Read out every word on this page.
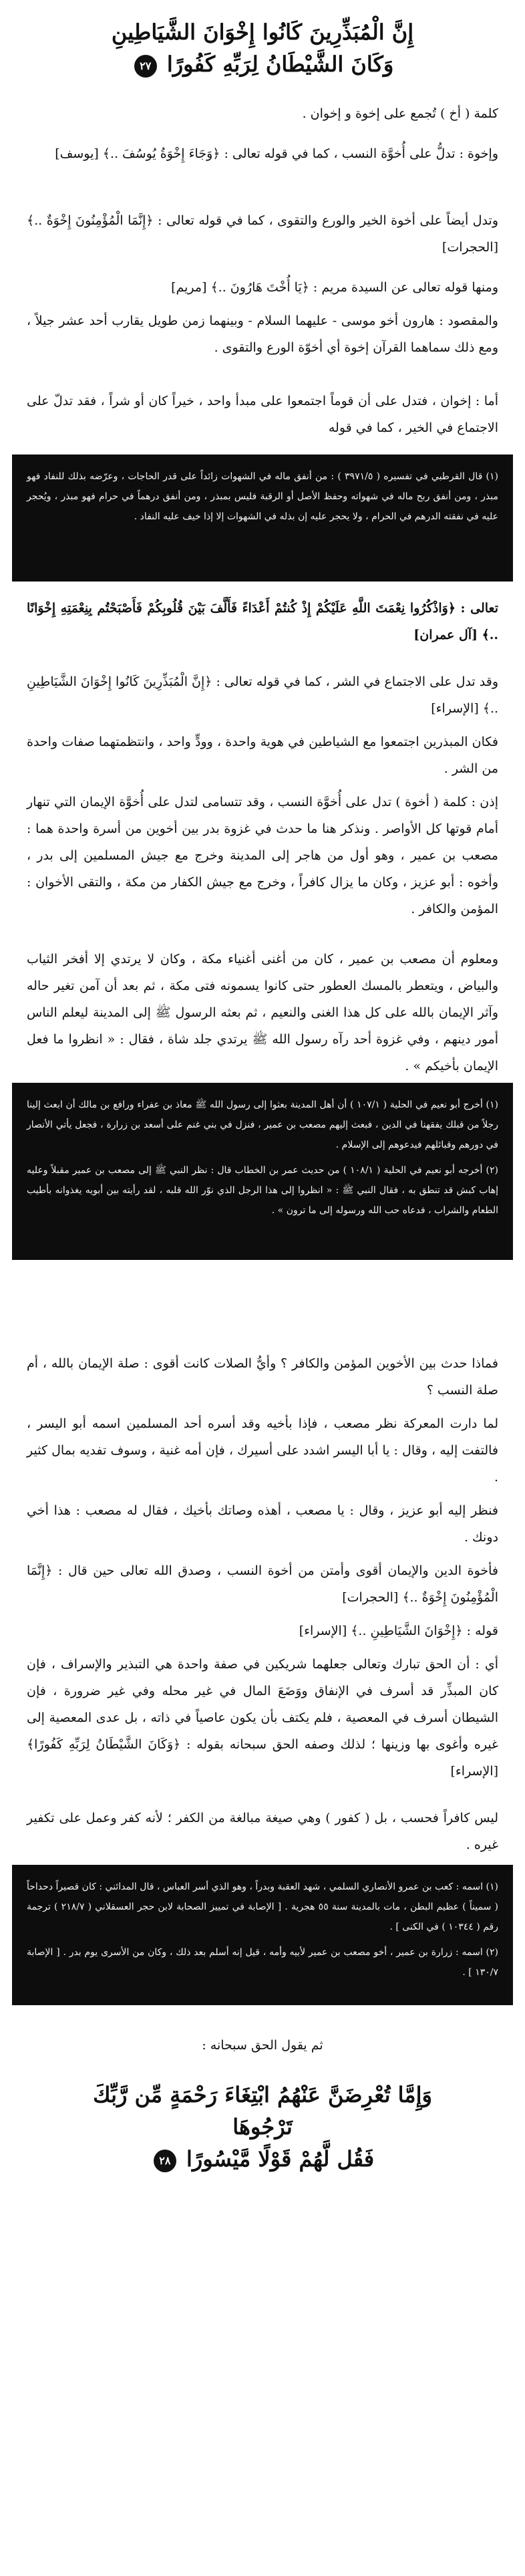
إِنَّ الْمُبَذِّرِينَ كَانُوا إِخْوَانَ الشَّيَاطِينِ
وَكَانَ الشَّيْطَانُ لِرَبِّهِ كَفُورًا ٢٧
كلمة ( أخ ) تُجمع على إخوة و إخوان .
وإخوة : تدلُّ على أُخوَّة النسب ، كما في قوله تعالى : ﴿وَجَاءَ إِخْوَةُ يُوسُفَ ..﴾ [يوسف]
وتدل أيضاً على أخوة الخير والورع والتقوى ، كما في قوله تعالى : ﴿إِنَّمَا الْمُؤْمِنُونَ إِخْوَةٌ ..﴾ [الحجرات]
ومنها قوله تعالى عن السيدة مريم : ﴿يَا أُخْتَ هَارُونَ ..﴾ [مريم]
والمقصود : هارون أخو موسى - عليهما السلام - وبينهما زمن طويل يقارب أحد عشر جيلاً ، ومع ذلك سماهما القرآن إخوة أي أخوّة الورع والتقوى .
أما : إخوان ، فتدل على أن قوماً اجتمعوا على مبدأ واحد ، خيراً كان أو شراً ، فقد تدلّ على الاجتماع في الخير ، كما في قوله

(١) قال القرطبي في تفسيره ( ٣٩٧١/٥ ) : من أنفق ماله في الشهوات زائداً على قدر الحاجات ، وعرّضه بذلك للنفاد فهو مبذر ، ومن أنفق ربح ماله في شهواته وحفظ الأصل أو الرقبة فليس بمبذر ، ومن أنفق درهماً في حرام فهو مبذر ، ويُحجر عليه في نفقته الدرهم في الحرام ، ولا يحجر عليه إن بذله في الشهوات إلا إذا خيف عليه النفاد .

تعالى : ﴿وَاذْكُرُوا نِعْمَتَ اللَّهِ عَلَيْكُمْ إِذْ كُنتُمْ أَعْدَاءً فَأَلَّفَ بَيْنَ قُلُوبِكُمْ فَأَصْبَحْتُم بِنِعْمَتِهِ إِخْوَانًا ..﴾ [آل عمران]
وقد تدل على الاجتماع في الشر ، كما في قوله تعالى : ﴿إِنَّ الْمُبَذِّرِينَ كَانُوا إِخْوَانَ الشَّيَاطِينِ ..﴾ [الإسراء]
فكان المبذرين اجتمعوا مع الشياطين في هوية واحدة ، وودٍّ واحد ، وانتظمتهما صفات واحدة من الشر .
إذن : كلمة ( أخوة ) تدل على أُخوَّة النسب ، وقد تتسامى لتدل على أُخوَّة الإيمان التي تنهار أمام قوتها كل الأواصر . ونذكر هنا ما حدث في غزوة بدر بين أخوين من أسرة واحدة هما : مصعب بن عمير ، وهو أول من هاجر إلى المدينة وخرج مع جيش المسلمين إلى بدر ، وأخوه : أبو عزيز ، وكان ما يزال كافراً ، وخرج مع جيش الكفار من مكة ، والتقى الأخوان : المؤمن والكافر .
ومعلوم أن مصعب بن عمير ، كان من أغنى أغنياء مكة ، وكان لا يرتدي إلا أفخر الثياب والبياض ، ويتعطر بالمسك العطور حتى كانوا يسمونه فتى مكة ، ثم بعد أن آمن تغير حاله وآثر الإيمان بالله على كل هذا الغنى والنعيم ، ثم بعثه الرسول ﷺ إلى المدينة ليعلم الناس أمور دينهم ، وفي غزوة أحد رآه رسول الله ﷺ يرتدي جلد شاة ، فقال : « انظروا ما فعل الإيمان بأخيكم » .

(١) أخرج أبو نعيم في الحلية ( ١٠٧/١ ) أن أهل المدينة بعثوا إلى رسول الله ﷺ معاذ بن عفراء ورافع بن مالك أن ابعث إلينا رجلاً من قبلك يفقهنا في الدين ، فبعث إليهم مصعب بن عمير ، فنزل في بني غنم على أسعد بن زرارة ، فجعل يأتي الأنصار في دورهم وقبائلهم فيدعوهم إلى الإسلام .

(٢) أخرجه أبو نعيم في الحلية ( ١٠٨/١ ) من حديث عمر بن الخطاب قال : نظر النبي ﷺ إلى مصعب بن عمير مقبلاً وعليه إهاب كبش قد تنطق به ، فقال النبي ﷺ : « انظروا إلى هذا الرجل الذي نوّر الله قلبه ، لقد رأيته بين أبويه يغذوانه بأطيب الطعام والشراب ، فدعاه حب الله ورسوله إلى ما ترون » .

فماذا حدث بين الأخوين المؤمن والكافر ؟ وأيُّ الصلات كانت أقوى : صلة الإيمان بالله ، أم صلة النسب ؟
لما دارت المعركة نظر مصعب ، فإذا بأخيه وقد أسره أحد المسلمين اسمه أبو اليسر ، فالتفت إليه ، وقال : يا أبا اليسر اشدد على أسيرك ، فإن أمه غنية ، وسوف تفديه بمال كثير .
فنظر إليه أبو عزيز ، وقال : يا مصعب ، أهذه وصاتك بأخيك ، فقال له مصعب : هذا أخي دونك .
فأخوة الدين والإيمان أقوى وأمتن من أخوة النسب ، وصدق الله تعالى حين قال : ﴿إِنَّمَا الْمُؤْمِنُونَ إِخْوَةٌ ..﴾ [الحجرات]
قوله : ﴿إِخْوَانَ الشَّيَاطِينِ ..﴾ [الإسراء]
أي : أن الحق تبارك وتعالى جعلهما شريكين في صفة واحدة هي التبذير والإسراف ، فإن كان المبذِّر قد أسرف في الإنفاق ووَضَعَ المال في غير محله وفي غير ضرورة ، فإن الشيطان أسرف في المعصية ، فلم يكتف بأن يكون عاصياً في ذاته ، بل عدى المعصية إلى غيره وأغوى بها وزينها ؛ لذلك وصفه الحق سبحانه بقوله : ﴿وَكَانَ الشَّيْطَانُ لِرَبِّهِ كَفُورًا﴾ [الإسراء]
ليس كافراً فحسب ، بل ( كفور ) وهي صيغة مبالغة من الكفر ؛ لأنه كفر وعمل على تكفير غيره .

(١) اسمه : كعب بن عمرو الأنصاري السلمي ، شهد العقبة وبدراً ، وهو الذي أسر العباس ، قال المدائني : كان قصيراً دحداحاً ( سميناً ) عظيم البطن ، مات بالمدينة سنة ٥٥ هجرية . [ الإصابة في تمييز الصحابة لابن حجر العسقلاني ( ٢١٨/٧ ) ترجمة رقم ( ١٠٣٤٤ ) في الكنى ] .

(٢) اسمه : زرارة بن عمير ، أخو مصعب بن عمير لأبيه وأمه ، قيل إنه أسلم بعد ذلك ، وكان من الأسرى يوم بدر . [ الإصابة ١٣٠/٧ ] .

ثم يقول الحق سبحانه :
وَإِمَّا تُعْرِضَنَّ عَنْهُمُ ابْتِغَاءَ رَحْمَةٍ مِّن رَّبِّكَ تَرْجُوهَا
فَقُل لَّهُمْ قَوْلًا مَّيْسُورًا ٢٨
